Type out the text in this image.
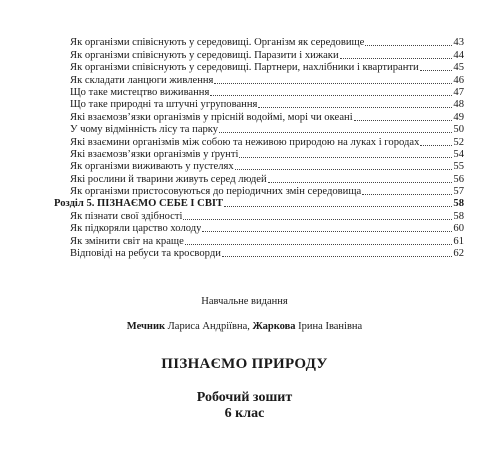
Як організми співіснують у середовищі. Організм як середовище	43
Як організми співіснують у середовищі. Паразити і хижаки	44
Як організми співіснують у середовищі. Партнери, нахлібники і квартиранти	45
Як складати ланцюги живлення	46
Що таке мистецтво виживання	47
Що таке природні та штучні угруповання	48
Які взаємозв’язки організмів у прісній водоймі, морі чи океані	49
У чому відмінність лісу та парку	50
Які взаємини організмів між собою та неживою природою на луках і городах	52
Які взаємозв’язки організмів у ґрунті	54
Як організми виживають у пустелях	55
Які рослини й тварини живуть серед людей	56
Як організми пристосовуються до періодичних змін середовища	57
Розділ 5. ПІЗНАЄМО СЕБЕ І СВІТ	58
Як пізнати свої здібності	58
Як підкоряли царство холоду	60
Як змінити світ на краще	61
Відповіді на ребуси та кросворди	62
Навчальне видання
Мечник Лариса Андріївна, Жаркова Ірина Іванівна
ПІЗНАЄМО ПРИРОДУ
Робочий зошит
6 клас
